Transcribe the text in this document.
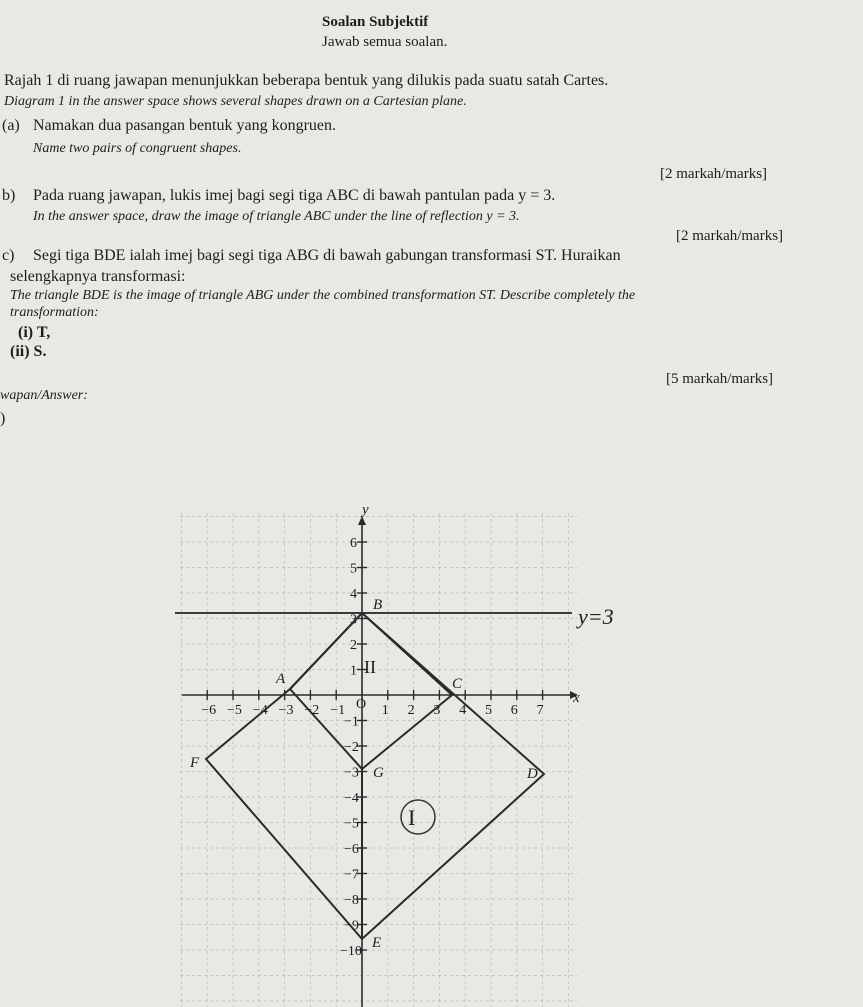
Soalan Subjektif
Jawab semua soalan.
Rajah 1 di ruang jawapan menunjukkan beberapa bentuk yang dilukis pada suatu satah Cartes.
Diagram 1 in the answer space shows several shapes drawn on a Cartesian plane.
(a) Namakan dua pasangan bentuk yang kongruen.
Name two pairs of congruent shapes.
[2 markah/marks]
b) Pada ruang jawapan, lukis imej bagi segi tiga ABC di bawah pantulan pada y = 3.
In the answer space, draw the image of triangle ABC under the line of reflection y = 3.
[2 markah/marks]
c) Segi tiga BDE ialah imej bagi segi tiga ABG di bawah gabungan transformasi ST. Huraikan
selengkapnya transformasi:
The triangle BDE is the image of triangle ABG under the combined transformation ST. Describe completely the
transformation:
(i) T,
(ii) S.
[5 markah/marks]
wapan/Answer:
)
−6 −5 −4 −3 −2 −1	1 2 3 4 5 6 7
6
5
4
3
2
1
−1
−2
−3
−4
−5
−6
−7
−8
−9
−10
A
B
C
D
E
F
G
x
y
O
I
II
y=3
